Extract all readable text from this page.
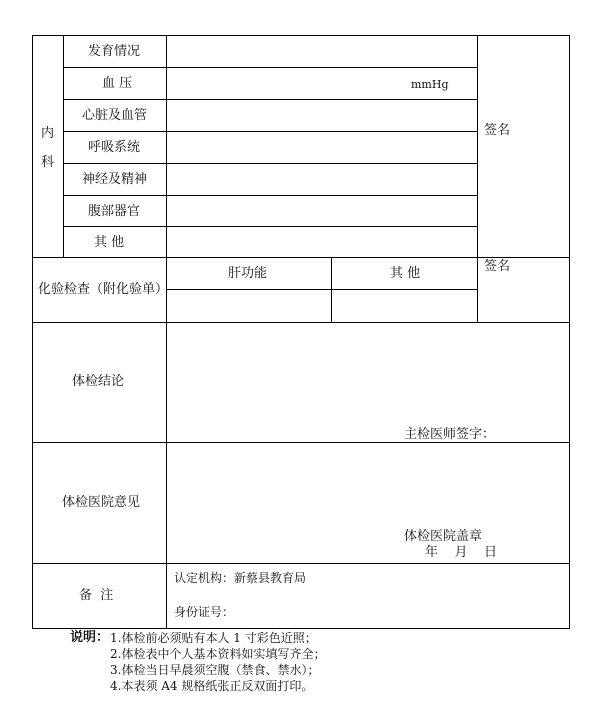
内
科
发育情况
血 压
心脏及血管
呼吸系统
神经及精神
腹部器官
其 他
mmHg
签名
化验检查（附化验单）
肝功能	其 他	签名
体检结论
主检医师签字：
体检医院意见
体检医院盖章
年    月    日
备  注
认定机构：新蔡县教育局
身份证号：
说明： 1.体检前必须贴有本人 1 寸彩色近照；
2.体检表中个人基本资料如实填写齐全；
3.体检当日早晨须空腹（禁食、禁水）；
4.本表须 A4 规格纸张正反双面打印。
